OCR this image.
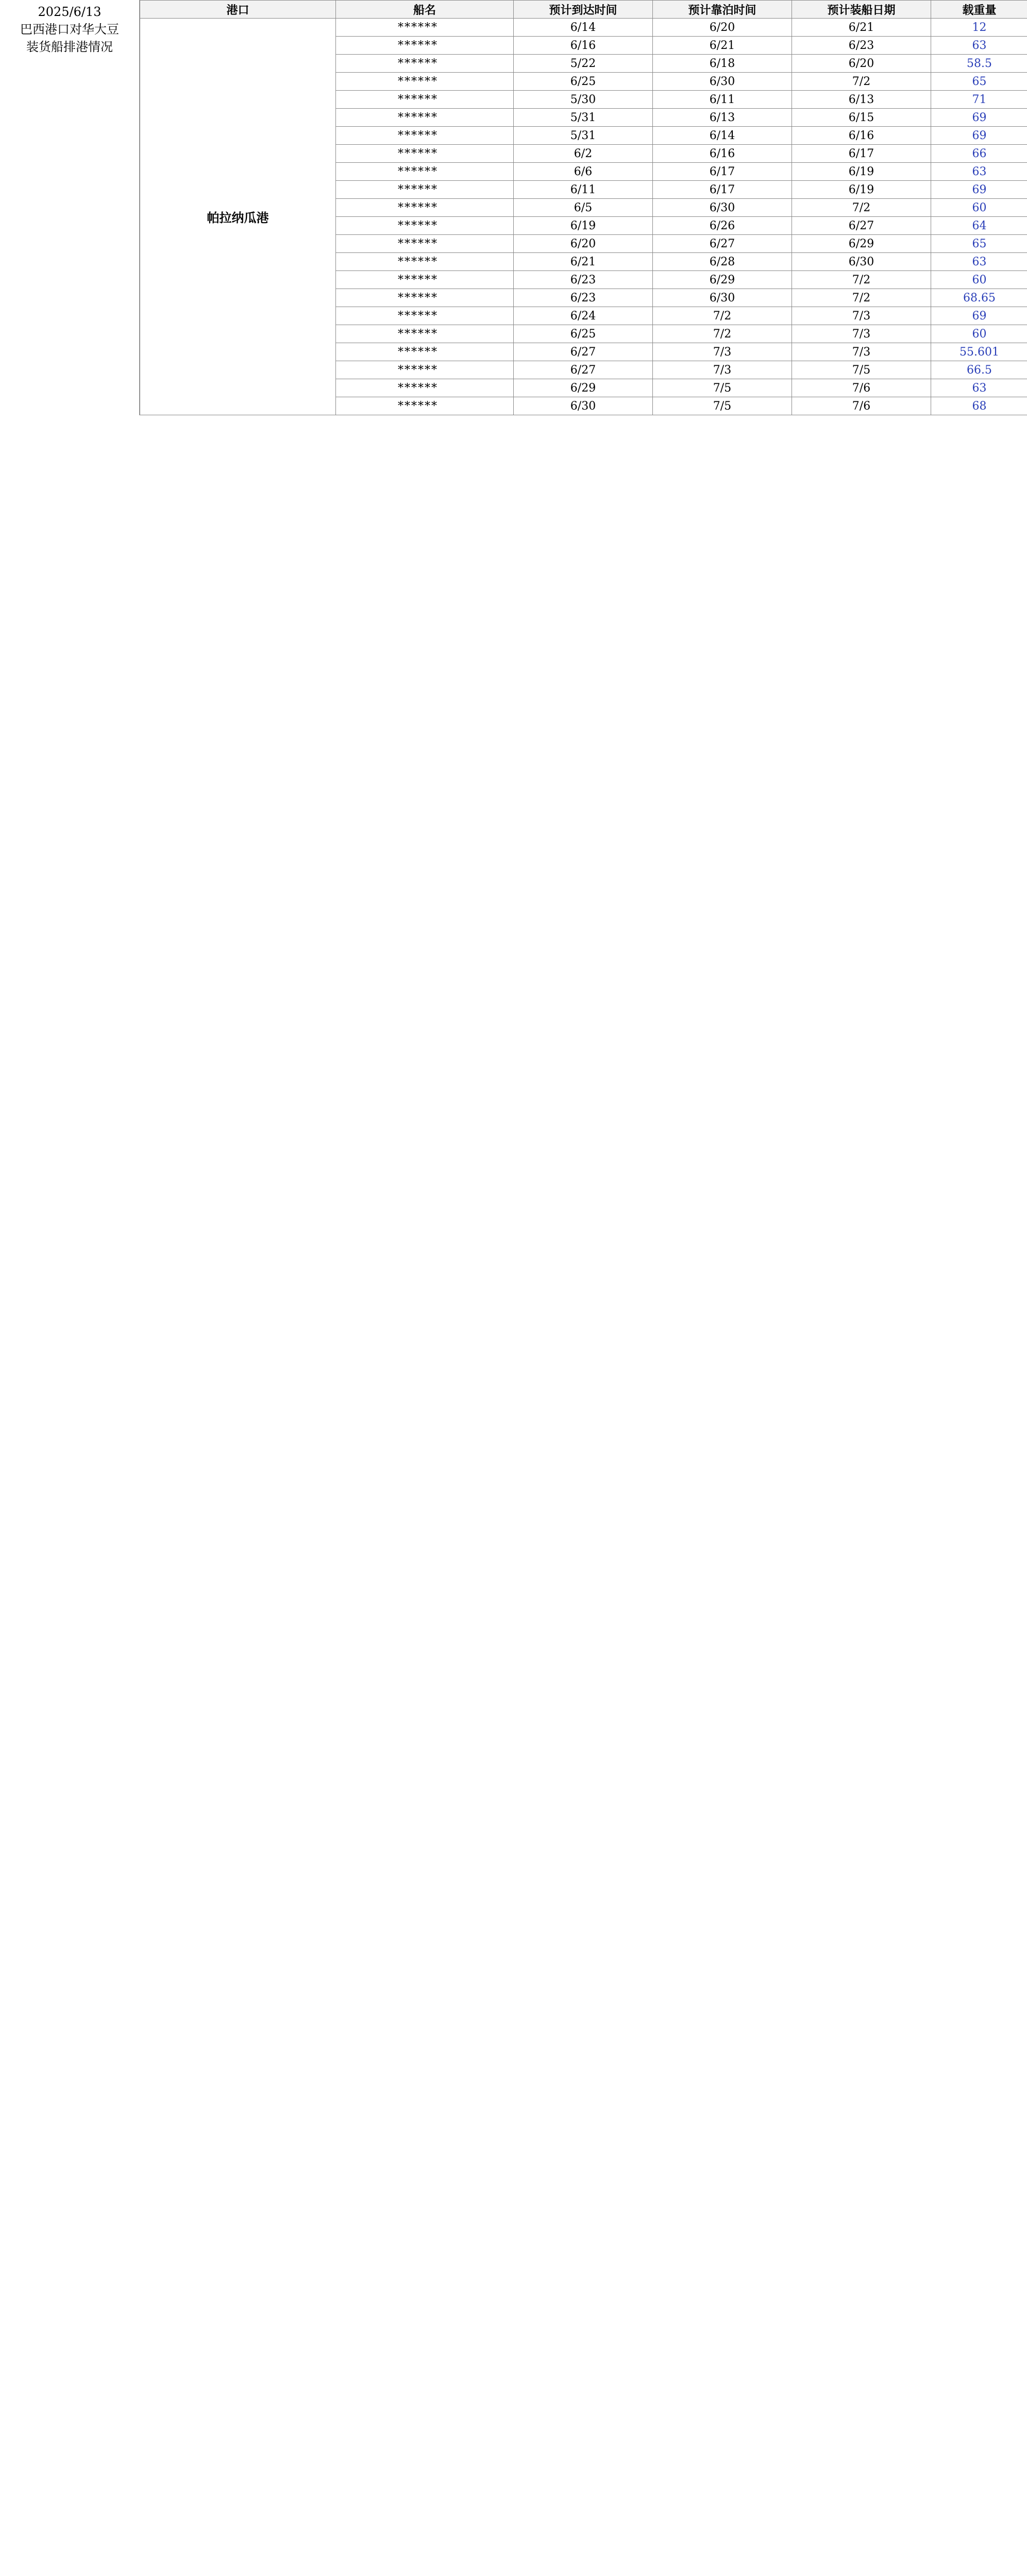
2025/6/13
巴西港口对华大豆
装货船排港情况
港口	船名	预计到达时间	预计靠泊时间	预计装船日期	载重量
帕拉纳瓜港	******	6/14	6/20	6/21	12
	******	6/16	6/21	6/23	63
	******	5/22	6/18	6/20	58.5
	******	6/25	6/30	7/2	65
	******	5/30	6/11	6/13	71
	******	5/31	6/13	6/15	69
	******	5/31	6/14	6/16	69
	******	6/2	6/16	6/17	66
	******	6/6	6/17	6/19	63
	******	6/11	6/17	6/19	69
	******	6/5	6/30	7/2	60
	******	6/19	6/26	6/27	64
	******	6/20	6/27	6/29	65
	******	6/21	6/28	6/30	63
	******	6/23	6/29	7/2	60
	******	6/23	6/30	7/2	68.65
	******	6/24	7/2	7/3	69
	******	6/25	7/2	7/3	60
	******	6/27	7/3	7/3	55.601
	******	6/27	7/3	7/5	66.5
	******	6/29	7/5	7/6	63
	******	6/30	7/5	7/6	68
